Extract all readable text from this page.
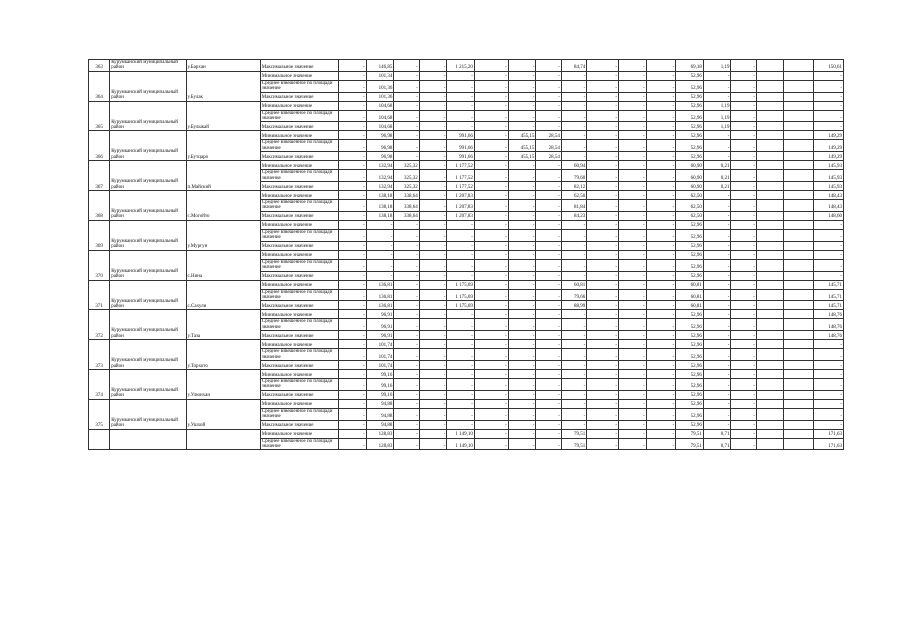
363	Курумканский муниципальный район	у.Бархан	Максимальное значение	-	146,85	-	-	1 215,20	-	-	-	84,74	-	-	-	69,18	1,19	-			150,61
364	Курумканский муниципальный район	у.Булак	Минимальное значение	-	101,34	-	-	-	-	-	-	-	-	-	-	52,96	-	-			-
			Среднее взвешенное по площади значение	-	101,36	-	-	-	-	-	-	-	-	-	-	52,96	-	-			-
			Максимальное значение	-	101,36	-	-	-	-	-	-	-	-	-	-	52,96	-	-			-
365	Курумканский муниципальный район	у.Булыкай	Минимальное значение	-	104,68	-	-	-	-	-	-	-	-	-	-	52,96	1,19	-			-
			Среднее взвешенное по площади значение	-	104,68	-	-	-	-	-	-	-	-	-	-	52,96	1,19	-			-
			Максимальное значение	-	104,68	-	-	-	-	-	-	-	-	-	-	52,96	1,19	-			-
366	Курумканский муниципальный район	у.Бутцаро	Минимальное значение	-	96,98	-	-	991,66	-	455,15	28,54	-	-	-	-	52,96	-	-			149,29
			Среднее взвешенное по площади значение	-	96,98	-	-	991,66	-	455,15	28,54	-	-	-	-	52,96	-	-			149,29
			Максимальное значение	-	96,98	-	-	991,66	-	455,15	28,54	-	-	-	-	52,96	-	-			149,29
367	Курумканский муниципальный район	п.Майский	Минимальное значение	-	132,94	325,32	-	1 177,52	-	-	-	60,94	-	-	-	60,90	0,21	-			145,93
			Среднее взвешенное по площади значение	-	132,94	325,32	-	1 177,52	-	-	-	79,60	-	-	-	60,90	0,21	-			145,93
			Максимальное значение	-	132,94	325,32	-	1 177,52	-	-	-	82,12	-	-	-	60,90	0,21	-			145,93
368	Курумканский муниципальный район	с.Могойто	Минимальное значение	-	138,18	338,64	-	1 207,83	-	-	-	62,50	-	-	-	62,50	-	-			148,43
			Среднее взвешенное по площади значение	-	138,18	338,64	-	1 207,83	-	-	-	81,84	-	-	-	62,50	-	-			148,43
			Максимальное значение	-	138,18	338,64	-	1 207,83	-	-	-	84,23	-	-	-	62,50	-	-			148,60
369	Курумканский муниципальный район	у.Мургун	Минимальное значение	-	-	-	-	-	-	-	-	-	-	-	-	52,96	-	-			-
			Среднее взвешенное по площади значение	-	-	-	-	-	-	-	-	-	-	-	-	52,96	-	-			-
			Максимальное значение	-	-	-	-	-	-	-	-	-	-	-	-	52,96	-	-			-
370	Курумканский муниципальный район	с.Нина	Минимальное значение	-	-	-	-	-	-	-	-	-	-	-	-	52,96	-	-			-
			Среднее взвешенное по площади значение	-	-	-	-	-	-	-	-	-	-	-	-	52,96	-	-			-
			Максимальное значение	-	-	-	-	-	-	-	-	-	-	-	-	52,96	-	-			-
371	Курумканский муниципальный район	с.Сахули	Минимальное значение	-	136,81	-	-	1 175,69	-	-	-	60,81	-	-	-	60,81	-	-			145,71
			Среднее взвешенное по площади значение	-	136,81	-	-	1 175,69	-	-	-	79,66	-	-	-	60,81	-	-			145,71
			Максимальное значение	-	136,81	-	-	1 175,69	-	-	-	88,99	-	-	-	60,81	-	-			145,71
372	Курумканский муниципальный район	у.Таза	Минимальное значение	-	96,91	-	-	-	-	-	-	-	-	-	-	52,96	-	-			148,76
			Среднее взвешенное по площади значение	-	96,91	-	-	-	-	-	-	-	-	-	-	52,96	-	-			148,76
			Максимальное значение	-	96,91	-	-	-	-	-	-	-	-	-	-	52,96	-	-			148,76
373	Курумканский муниципальный район	у.Торхото	Минимальное значение	-	101,74	-	-	-	-	-	-	-	-	-	-	52,96	-	-			-
			Среднее взвешенное по площади значение	-	101,74	-	-	-	-	-	-	-	-	-	-	52,96	-	-			-
			Максимальное значение	-	101,74	-	-	-	-	-	-	-	-	-	-	52,96	-	-			-
374	Курумканский муниципальный район	у.Улюнхан	Минимальное значение	-	99,16	-	-	-	-	-	-	-	-	-	-	52,96	-	-			-
			Среднее взвешенное по площади значение	-	99,16	-	-	-	-	-	-	-	-	-	-	52,96	-	-			-
			Максимальное значение	-	99,16	-	-	-	-	-	-	-	-	-	-	52,96	-	-			-
375	Курумканский муниципальный район	у.Ушхой	Минимальное значение	-	94,88	-	-	-	-	-	-	-	-	-	-	52,96	-	-			-
			Среднее взвешенное по площади значение	-	94,88	-	-	-	-	-	-	-	-	-	-	52,96	-	-			-
			Максимальное значение	-	94,88	-	-	-	-	-	-	-	-	-	-	52,96	-	-			-
			Минимальное значение	-	128,83	-	-	1 149,10	-	-	-	79,51	-	-	-	79,51	0,71	-			171,63
			Среднее взвешенное по площади значение	-	128,83	-	-	1 149,10	-	-	-	79,51	-	-	-	79,51	0,71	-			171,63
